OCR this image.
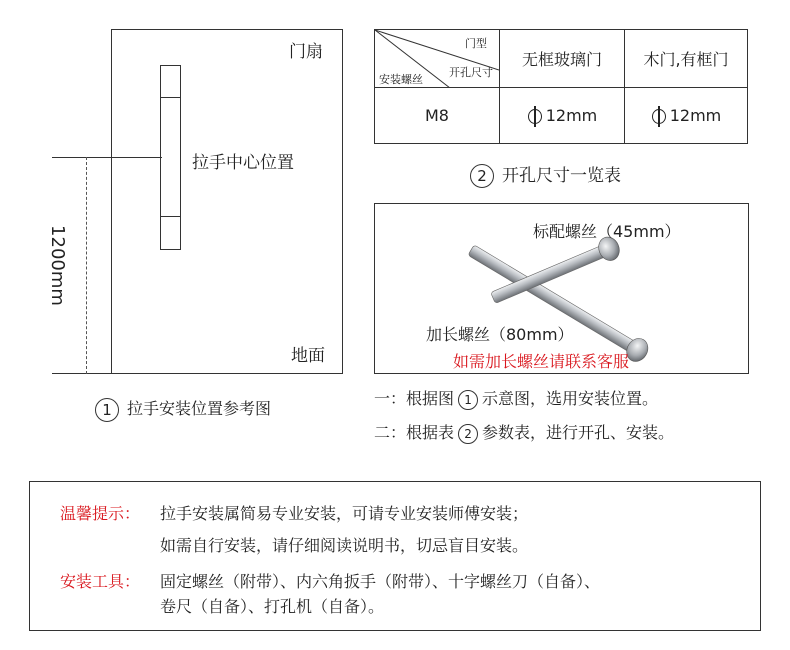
门扇
拉手中心位置
地面
1200mm
1 拉手安装位置参考图
门型
开孔尺寸
安装螺丝	无框玻璃门	木门,有框门
M8	12mm	12mm
2 开孔尺寸一览表
标配螺丝（45mm）
加长螺丝（80mm）
如需加长螺丝请联系客服
一：根据图 1 示意图，选用安装位置。
二：根据表 2 参数表，进行开孔、安装。
温馨提示： 拉手安装属简易专业安装，可请专业安装师傅安装；
如需自行安装，请仔细阅读说明书，切忌盲目安装。
安装工具： 固定螺丝（附带）、内六角扳手（附带）、十字螺丝刀（自备）、
卷尺（自备）、打孔机（自备）。
